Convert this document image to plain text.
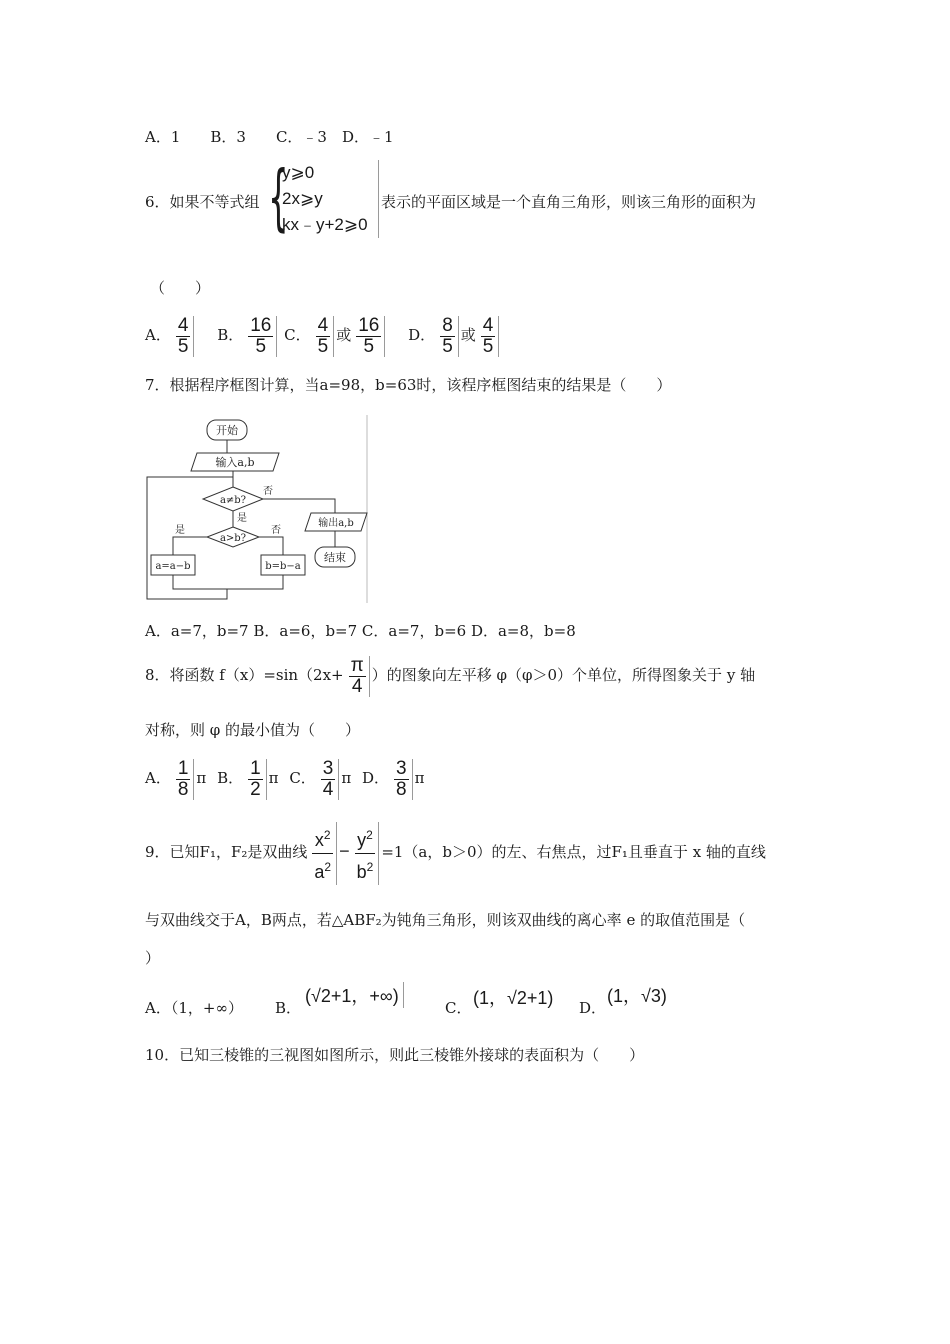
A．1　　B．3　　C．﹣3　D．﹣1
6．如果不等式组 {
y⩾0
2x⩾y
kx﹣y+2⩾0
表示的平面区域是一个直角三角形，则该三角形的面积为
（　　）
A． $\frac{4}{5}$ B． $\frac{16}{5}$ C． $\frac{4}{5}$ 或 $\frac{16}{5}$ D． $\frac{8}{5}$ 或 $\frac{4}{5}$
7．根据程序框图计算，当a=98，b=63时，该程序框图结束的结果是（　　）
开始
输入a,b
a≠b?
否
输出a,b
结束
是
a>b?
是	否
a=a−b	b=b−a
A．a=7，b=7 B．a=6，b=7 C．a=7，b=6 D．a=8，b=8
8．将函数 $f(x)=\sin(2x+ \frac{\pi}{4}$ ）的图象向左平移 φ（φ＞0）个单位，所得图象关于 y 轴
对称，则 φ 的最小值为（　　）
A． $\frac{1}{8}$ π B． $\frac{1}{2}$ π C． $\frac{3}{4}$ π D． $\frac{3}{8}$ π
9．已知F₁，F₂是双曲线 $\frac{x^2}{a^2} - \frac{y^2}{b^2} =1(a$，b＞0）的左、右焦点，过F₁且垂直于 x 轴的直线
与双曲线交于A，B两点，若△ABF₂为钝角三角形，则该双曲线的离心率 e 的取值范围是（
）
A．（1，+∞） B．
(√2+1，+∞)
C． (1，√2+1) D．
(1，√3)
10．已知三棱锥的三视图如图所示，则此三棱锥外接球的表面积为（　　）
